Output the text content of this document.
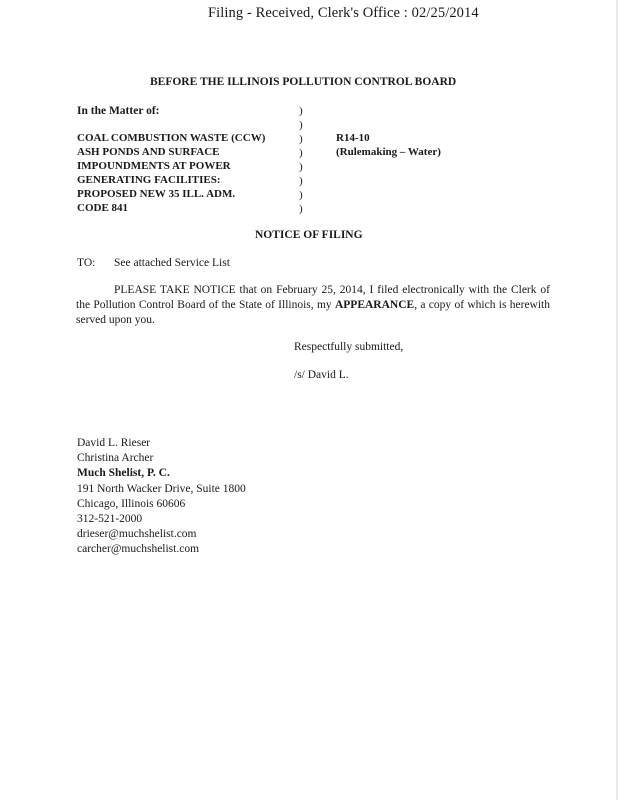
Filing - Received, Clerk's Office : 02/25/2014
BEFORE THE ILLINOIS POLLUTION CONTROL BOARD
In the Matter of:
COAL COMBUSTION WASTE (CCW)
ASH PONDS AND SURFACE
IMPOUNDMENTS AT POWER
GENERATING FACILITIES:
PROPOSED NEW 35 ILL. ADM.
CODE 841
)
)
)
)
)
)
)
)
R14-10
(Rulemaking – Water)
NOTICE OF FILING
TO: See attached Service List

PLEASE TAKE NOTICE that on February 25, 2014, I filed electronically with the Clerk of the Pollution Control Board of the State of Illinois, my APPEARANCE, a copy of which is herewith served upon you.

Respectfully submitted,
/s/ David L.
David L. Rieser
Christina Archer
Much Shelist, P. C.
191 North Wacker Drive, Suite 1800
Chicago, Illinois 60606
312-521-2000
drieser@muchshelist.com
carcher@muchshelist.com
